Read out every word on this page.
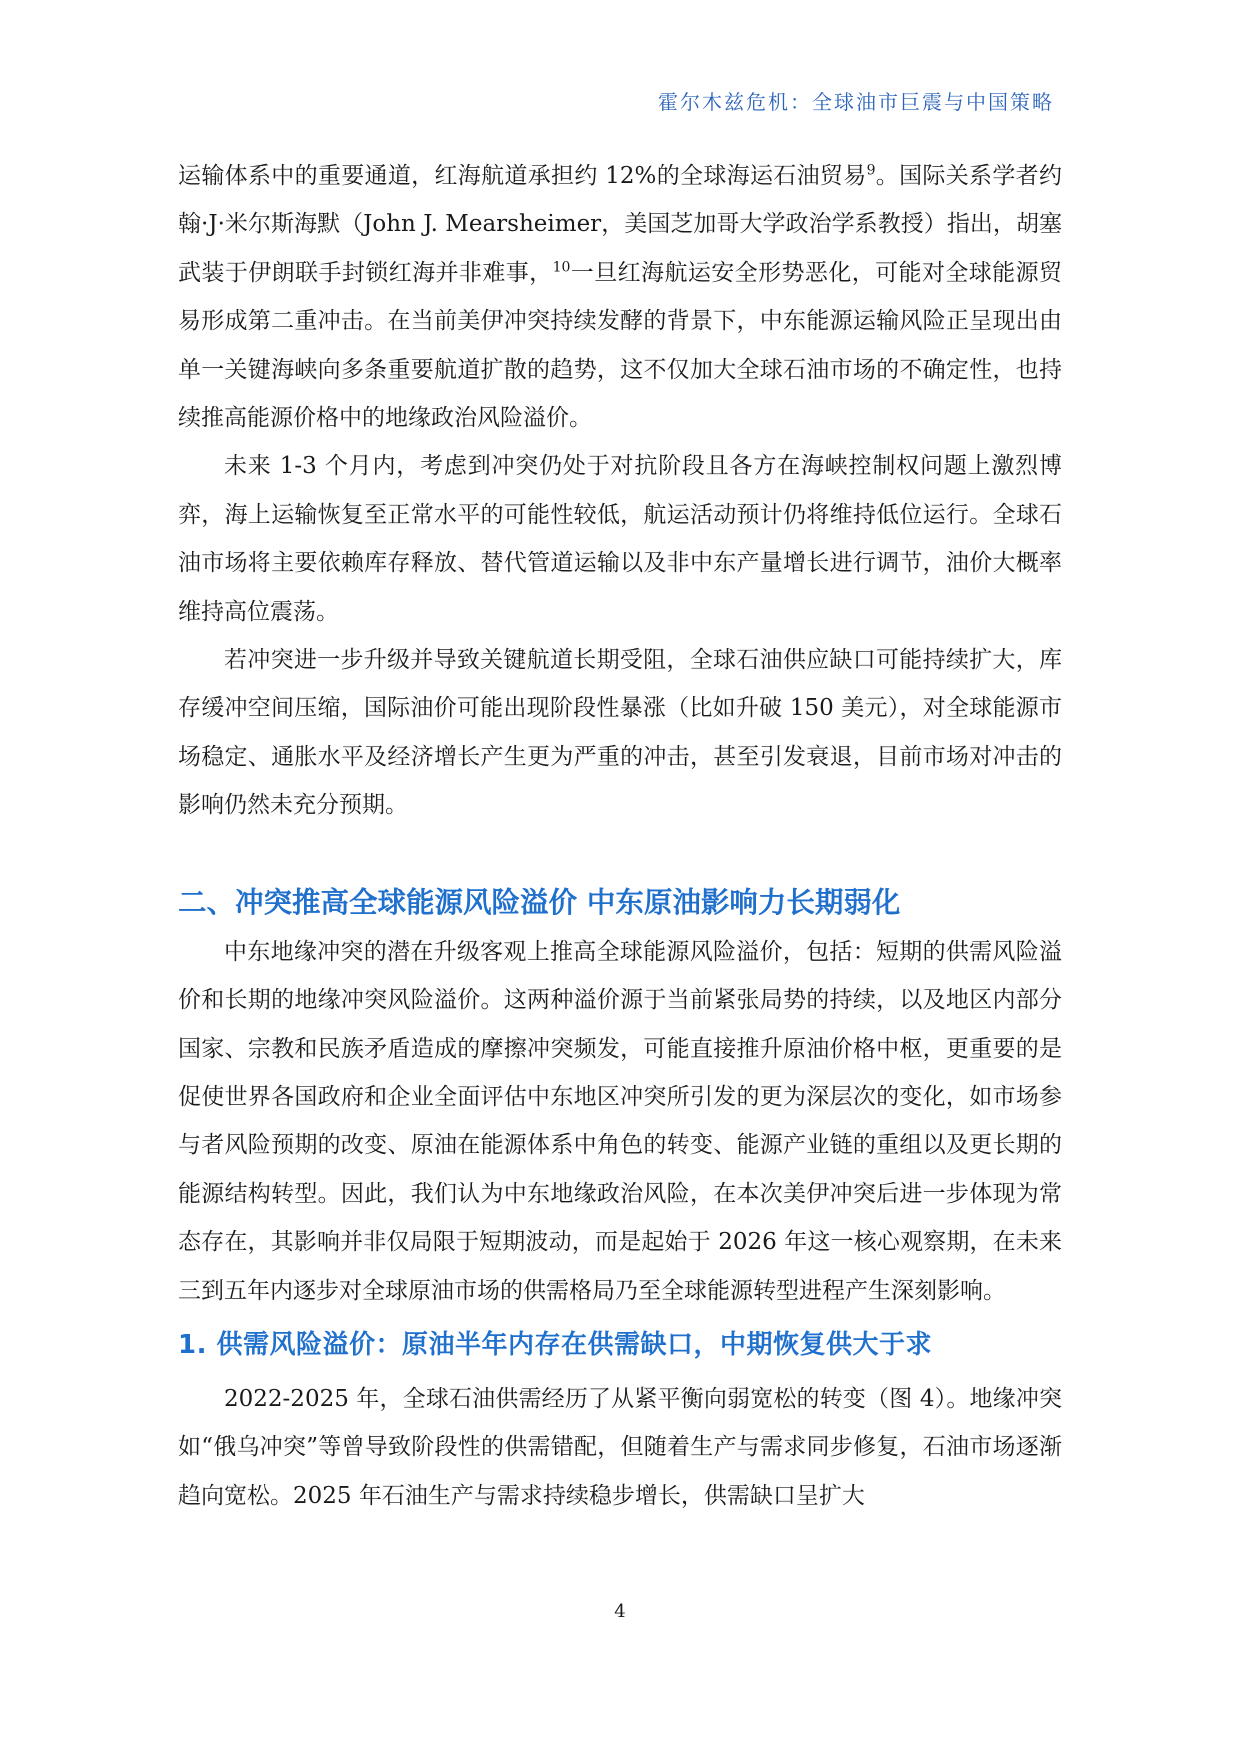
霍尔木兹危机：全球油市巨震与中国策略

运输体系中的重要通道，红海航道承担约 12%的全球海运石油贸易$^9$。国际关系学者约翰·J·米尔斯海默（John J. Mearsheimer，美国芝加哥大学政治学系教授）指出，胡塞武装于伊朗联手封锁红海并非难事，$^{10}$一旦红海航运安全形势恶化，可能对全球能源贸易形成第二重冲击。在当前美伊冲突持续发酵的背景下，中东能源运输风险正呈现出由单一关键海峡向多条重要航道扩散的趋势，这不仅加大全球石油市场的不确定性，也持续推高能源价格中的地缘政治风险溢价。

未来 1-3 个月内，考虑到冲突仍处于对抗阶段且各方在海峡控制权问题上激烈博弈，海上运输恢复至正常水平的可能性较低，航运活动预计仍将维持低位运行。全球石油市场将主要依赖库存释放、替代管道运输以及非中东产量增长进行调节，油价大概率维持高位震荡。

若冲突进一步升级并导致关键航道长期受阻，全球石油供应缺口可能持续扩大，库存缓冲空间压缩，国际油价可能出现阶段性暴涨（比如升破 150 美元），对全球能源市场稳定、通胀水平及经济增长产生更为严重的冲击，甚至引发衰退，目前市场对冲击的影响仍然未充分预期。

二、冲突推高全球能源风险溢价 中东原油影响力长期弱化

中东地缘冲突的潜在升级客观上推高全球能源风险溢价，包括：短期的供需风险溢价和长期的地缘冲突风险溢价。这两种溢价源于当前紧张局势的持续，以及地区内部分国家、宗教和民族矛盾造成的摩擦冲突频发，可能直接推升原油价格中枢，更重要的是促使世界各国政府和企业全面评估中东地区冲突所引发的更为深层次的变化，如市场参与者风险预期的改变、原油在能源体系中角色的转变、能源产业链的重组以及更长期的能源结构转型。因此，我们认为中东地缘政治风险，在本次美伊冲突后进一步体现为常态存在，其影响并非仅局限于短期波动，而是起始于 2026 年这一核心观察期，在未来三到五年内逐步对全球原油市场的供需格局乃至全球能源转型进程产生深刻影响。

1. 供需风险溢价：原油半年内存在供需缺口，中期恢复供大于求

2022-2025 年，全球石油供需经历了从紧平衡向弱宽松的转变（图 4）。地缘冲突如“俄乌冲突”等曾导致阶段性的供需错配，但随着生产与需求同步修复，石油市场逐渐趋向宽松。2025 年石油生产与需求持续稳步增长，供需缺口呈扩大

4
